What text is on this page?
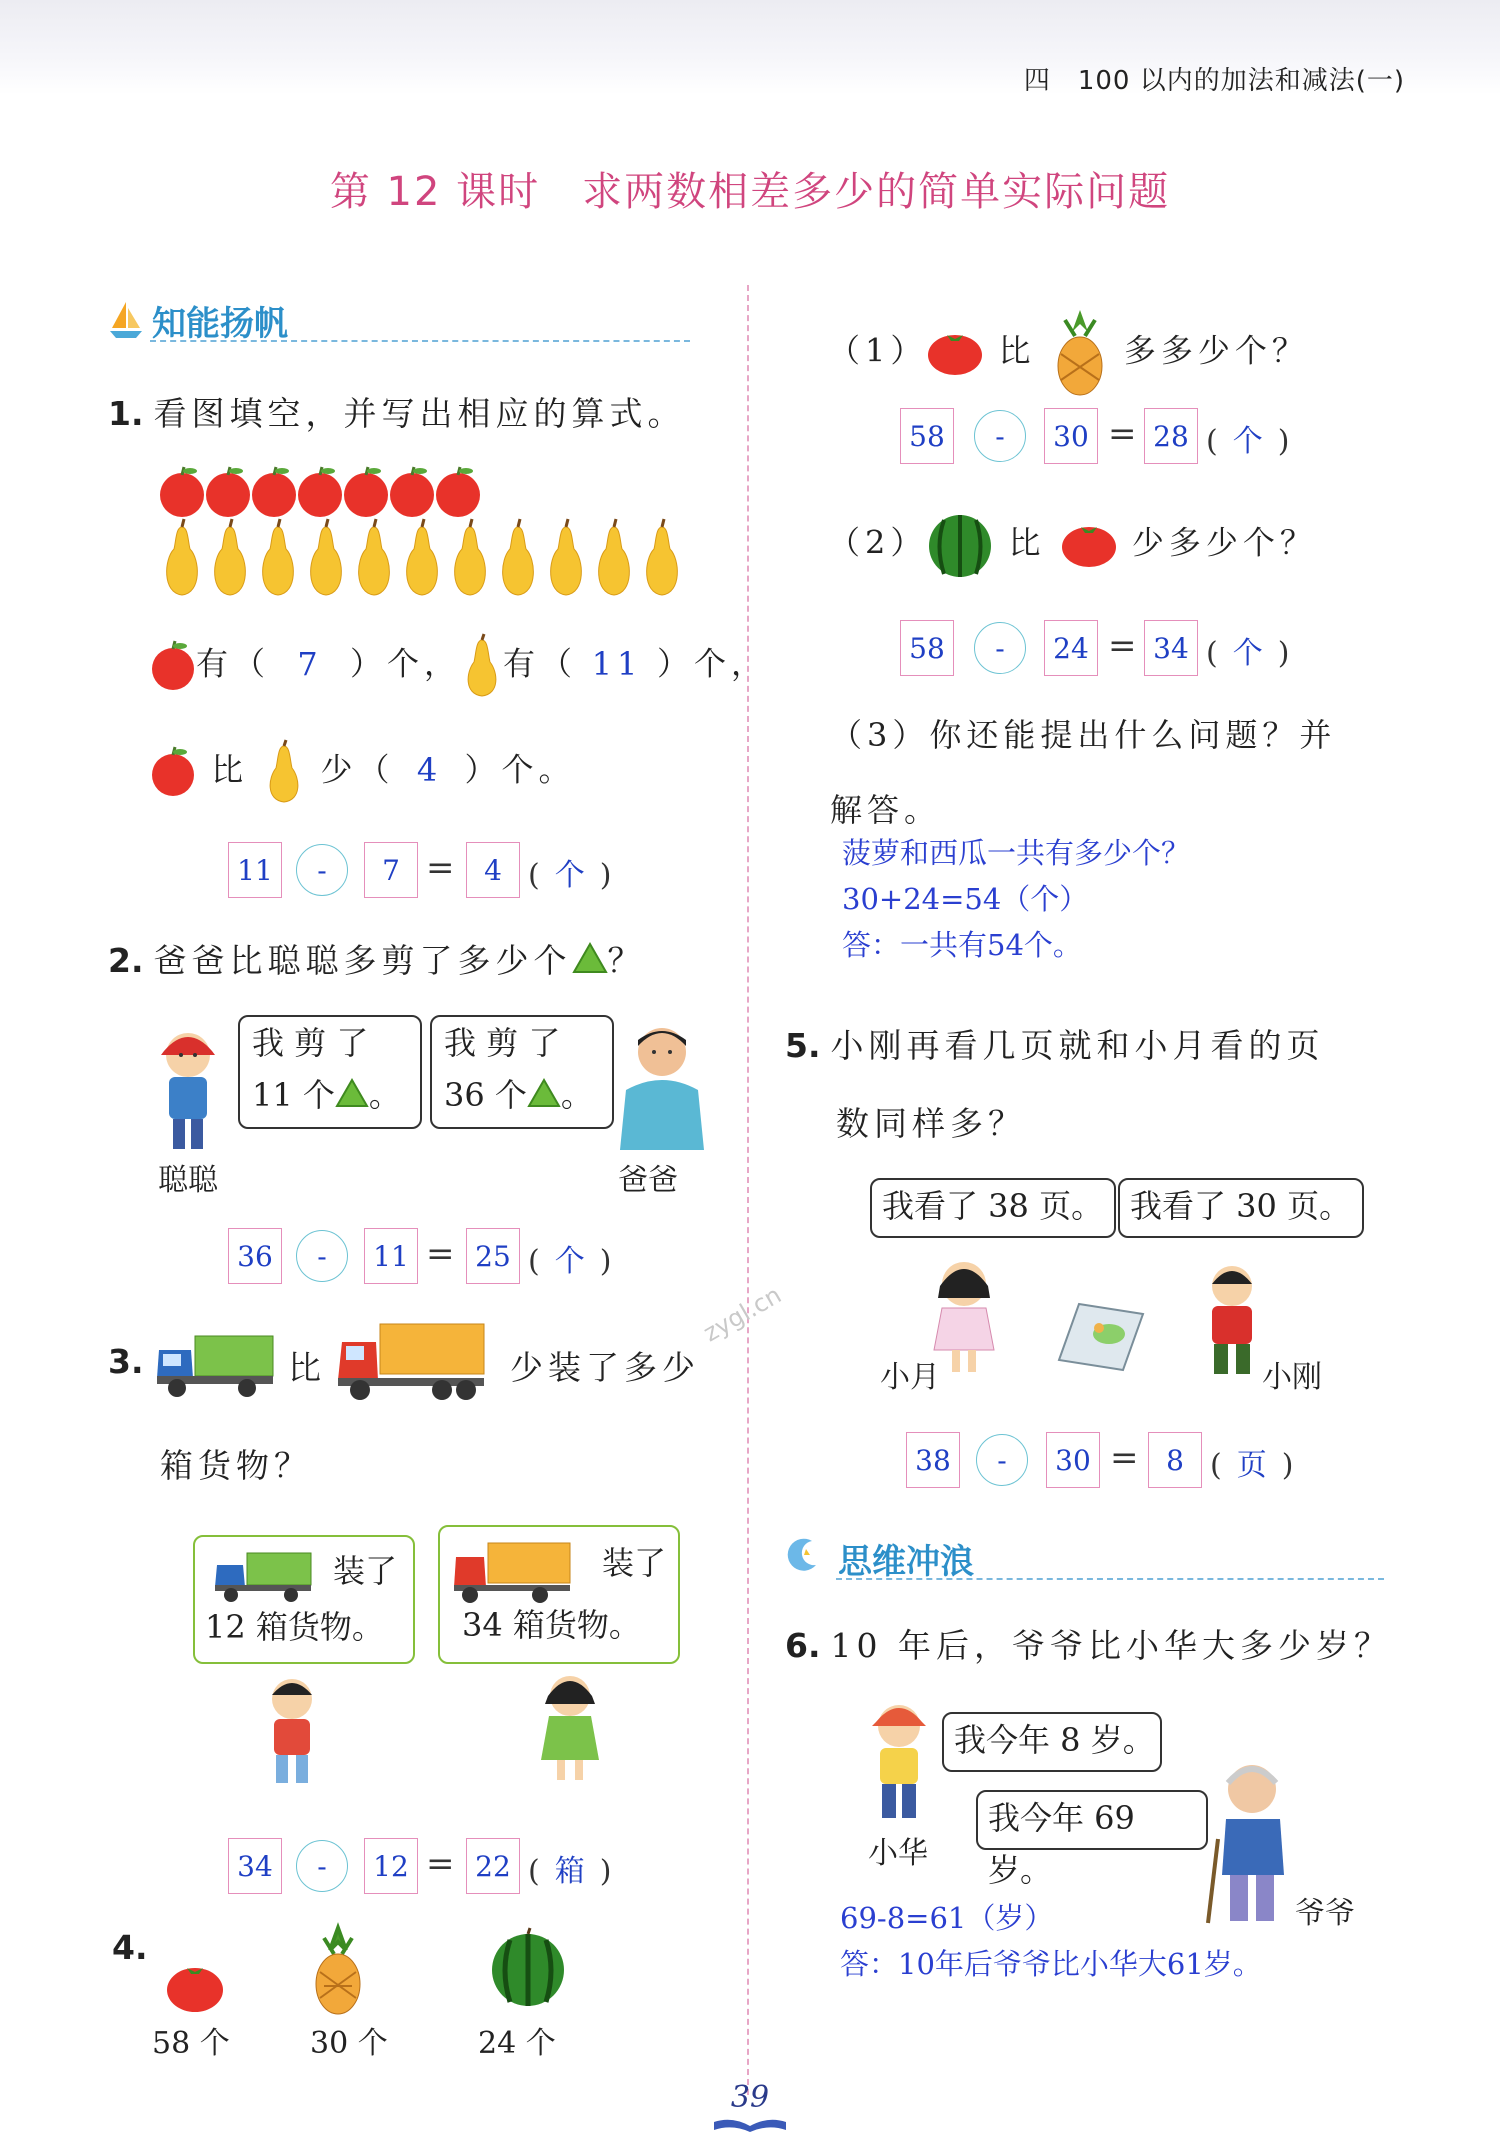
四　100 以内的加法和减法(一)
第 12 课时　求两数相差多少的简单实际问题
知能扬帆
1. 看图填空，并写出相应的算式。
有（ 7 ）个， 有（ 11 ）个，
比 少（ 4 ）个。
11	-	7 =	4 ( 个 )
2. 爸爸比聪聪多剪了多少个 ？
我 剪 了
11 个 。
我 剪 了
36 个 。
聪聪	爸爸
36	-	11 = 25 ( 个 )
3.	比	少装了多少
箱货物？
装了
12 箱货物。
装了
34 箱货物。
34	-	12 = 22 ( 箱 )
4.
58 个	30 个	24 个
（1） 比	多多少个？
58	-	30 = 28 ( 个 )
（2）	比	少多少个？
58	-	24 = 34 ( 个 )
（3）你还能提出什么问题？并
解答。
菠萝和西瓜一共有多少个？
30+24=54（个）
答：一共有54个。
5. 小刚再看几页就和小月看的页
数同样多？
我看了 38 页。 我看了 30 页。
小月	小刚
38	-	30 = 8 ( 页 )
思维冲浪
6. 10 年后，爷爷比小华大多少岁？
我今年 8 岁。
我今年 69 岁。
小华
爷爷
69-8=61（岁）
答：10年后爷爷比小华大61岁。
zygl.cn
39
